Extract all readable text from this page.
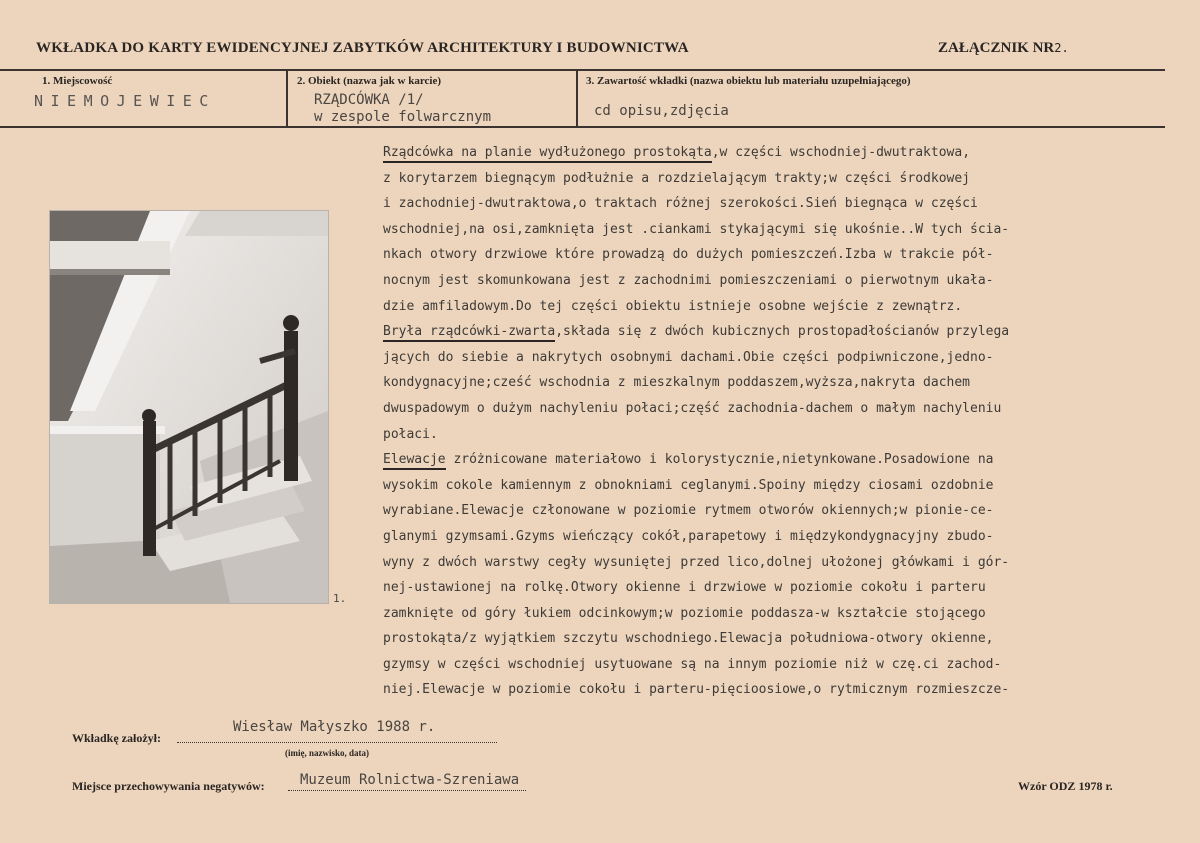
WKŁADKA DO KARTY EWIDENCYJNEJ ZABYTKÓW ARCHITEKTURY I BUDOWNICTWA	ZAŁĄCZNIK NR2.
1. Miejscowość
NIEMOJEWIEC
2. Obiekt (nazwa jak w karcie)
RZĄDCÓWKA /1/
w zespole folwarcznym
3. Zawartość wkładki (nazwa obiektu lub materiału uzupełniającego)
cd opisu,zdjęcia
1.
Rządcówka na planie wydłużonego prostokąta,w części wschodniej-dwutraktowa,
z korytarzem biegnącym podłużnie a rozdzielającym trakty;w części środkowej
i zachodniej-dwutraktowa,o traktach różnej szerokości.Sień biegnąca w części
wschodniej,na osi,zamknięta jest .ciankami stykającymi się ukośnie..W tych ścia-
nkach otwory drzwiowe które prowadzą do dużych pomieszczeń.Izba w trakcie pół-
nocnym jest skomunkowana jest z zachodnimi pomieszczeniami o pierwotnym ukała-
dzie amfiladowym.Do tej części obiektu istnieje osobne wejście z zewnątrz.
Bryła rządcówki-zwarta,składa się z dwóch kubicznych prostopadłościanów przylega
jących do siebie a nakrytych osobnymi dachami.Obie części podpiwniczone,jedno-
kondygnacyjne;cześć wschodnia z mieszkalnym poddaszem,wyższa,nakryta dachem
dwuspadowym o dużym nachyleniu połaci;część zachodnia-dachem o małym nachyleniu
połaci.
Elewacje zróżnicowane materiałowo i kolorystycznie,nietynkowane.Posadowione na
wysokim cokole kamiennym z obnokniami ceglanymi.Spoiny między ciosami ozdobnie
wyrabiane.Elewacje członowane w poziomie rytmem otworów okiennych;w pionie-ce-
glanymi gzymsami.Gzyms wieńczący cokół,parapetowy i międzykondygnacyjny zbudo-
wyny z dwóch warstwy cegły wysuniętej przed lico,dolnej ułożonej główkami i gór-
nej-ustawionej na rolkę.Otwory okienne i drzwiowe w poziomie cokołu i parteru
zamknięte od góry łukiem odcinkowym;w poziomie poddasza-w kształcie stojącego
prostokąta/z wyjątkiem szczytu wschodniego.Elewacja południowa-otwory okienne,
gzymsy w części wschodniej usytuowane są na innym poziomie niż w czę.ci zachod-
niej.Elewacje w poziomie cokołu i parteru-pięcioosiowe,o rytmicznym rozmieszcze-
Wkładkę założył:
Wiesław Małyszko 1988 r.
(imię, nazwisko, data)
Miejsce przechowywania negatywów:	Muzeum Rolnictwa-Szreniawa	Wzór ODZ 1978 r.
